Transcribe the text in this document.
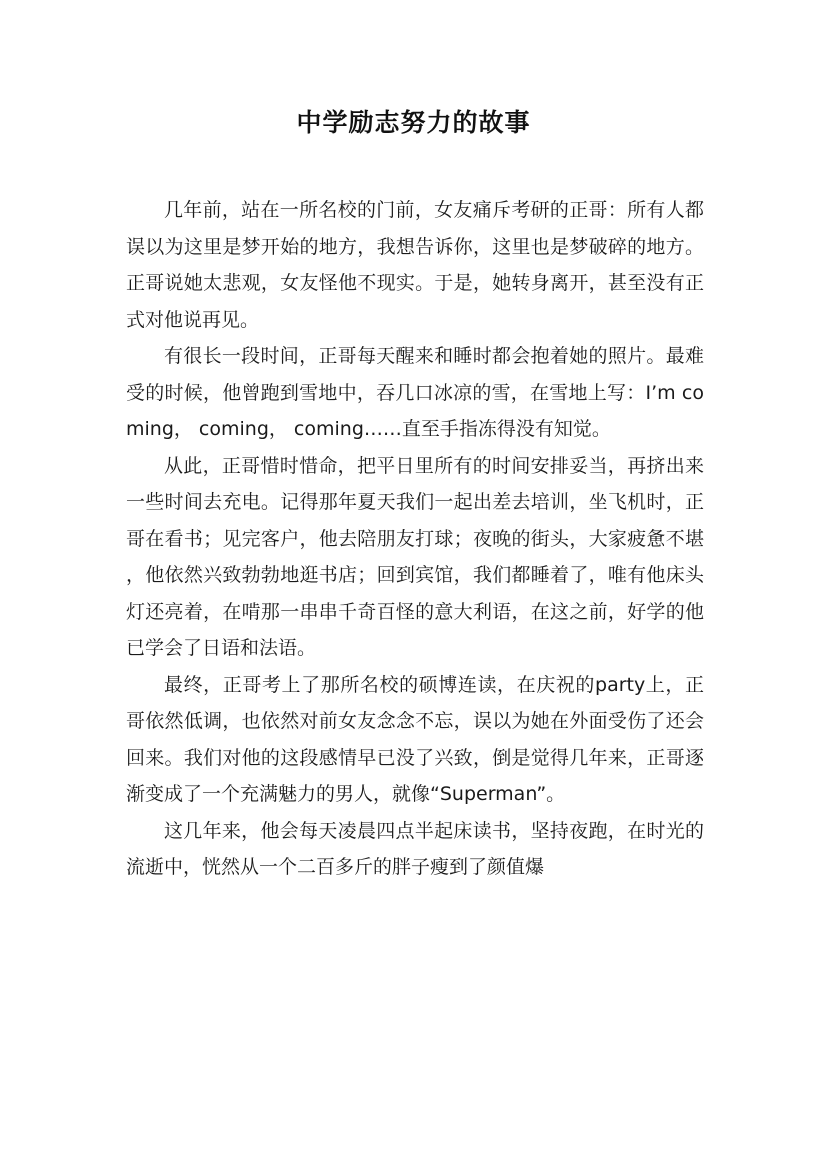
中学励志努力的故事

几年前，站在一所名校的门前，女友痛斥考研的正哥：所有人都误以为这里是梦开始的地方，我想告诉你，这里也是梦破碎的地方。正哥说她太悲观，女友怪他不现实。于是，她转身离开，甚至没有正式对他说再见。

有很长一段时间，正哥每天醒来和睡时都会抱着她的照片。最难受的时候，他曾跑到雪地中，吞几口冰凉的雪，在雪地上写：I’m coming， coming， coming……直至手指冻得没有知觉。

从此，正哥惜时惜命，把平日里所有的时间安排妥当，再挤出来一些时间去充电。记得那年夏天我们一起出差去培训，坐飞机时，正哥在看书；见完客户，他去陪朋友打球；夜晚的街头，大家疲惫不堪，他依然兴致勃勃地逛书店；回到宾馆，我们都睡着了，唯有他床头灯还亮着，在啃那一串串千奇百怪的意大利语，在这之前，好学的他已学会了日语和法语。

最终，正哥考上了那所名校的硕博连读，在庆祝的party上，正哥依然低调，也依然对前女友念念不忘，误以为她在外面受伤了还会回来。我们对他的这段感情早已没了兴致，倒是觉得几年来，正哥逐渐变成了一个充满魅力的男人，就像“Superman”。

这几年来，他会每天凌晨四点半起床读书，坚持夜跑，在时光的流逝中，恍然从一个二百多斤的胖子瘦到了颜值爆
